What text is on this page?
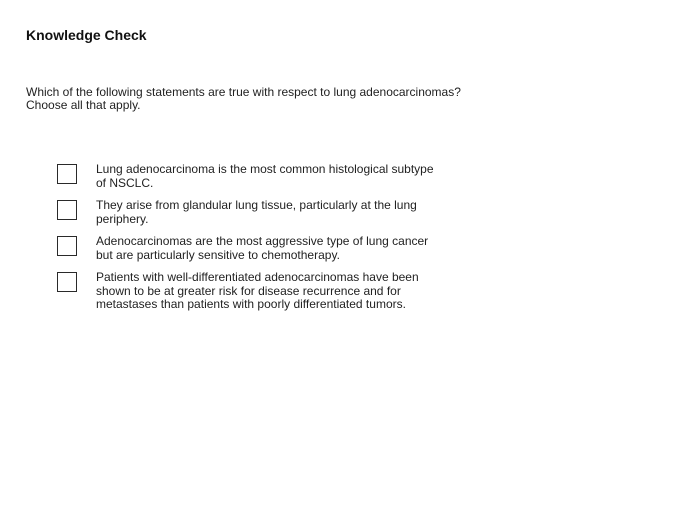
Knowledge Check
Which of the following statements are true with respect to lung adenocarcinomas?
Choose all that apply.
Lung adenocarcinoma is the most common histological subtype
of NSCLC.
They arise from glandular lung tissue, particularly at the lung
periphery.
Adenocarcinomas are the most aggressive type of lung cancer
but are particularly sensitive to chemotherapy.
Patients with well-differentiated adenocarcinomas have been
shown to be at greater risk for disease recurrence and for
metastases than patients with poorly differentiated tumors.
